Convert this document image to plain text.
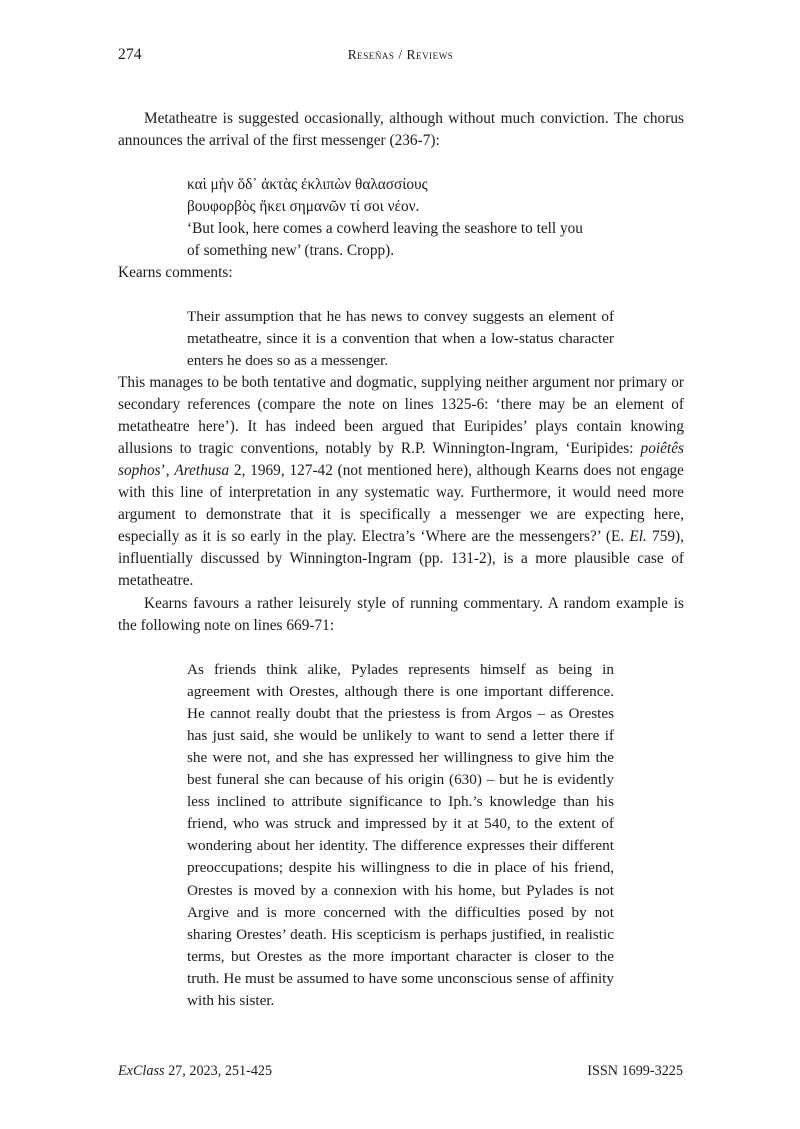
274	Reseñas / Reviews

Metatheatre is suggested occasionally, although without much conviction. The chorus announces the arrival of the first messenger (236-7):

καὶ μὴν ὅδ᾽ ἀκτὰς ἐκλιπὼν θαλασσίους
βουφορβὸς ἥκει σημανῶν τί σοι νέον.
‘But look, here comes a cowherd leaving the seashore to tell you
of something new’ (trans. Cropp).

Kearns comments:

Their assumption that he has news to convey suggests an element of metatheatre, since it is a convention that when a low-status character enters he does so as a messenger.

This manages to be both tentative and dogmatic, supplying neither argument nor primary or secondary references (compare the note on lines 1325-6: ‘there may be an element of metatheatre here’). It has indeed been argued that Euripides’ plays contain knowing allusions to tragic conventions, notably by R.P. Winnington-Ingram, ‘Euripides: poiêtês sophos’, Arethusa 2, 1969, 127-42 (not mentioned here), although Kearns does not engage with this line of interpretation in any systematic way. Furthermore, it would need more argument to demonstrate that it is specifically a messenger we are expecting here, especially as it is so early in the play. Electra’s ‘Where are the messengers?’ (E. El. 759), influentially discussed by Winnington-Ingram (pp. 131-2), is a more plausible case of metatheatre.

Kearns favours a rather leisurely style of running commentary. A random example is the following note on lines 669-71:

As friends think alike, Pylades represents himself as being in agreement with Orestes, although there is one important difference. He cannot really doubt that the priestess is from Argos – as Orestes has just said, she would be unlikely to want to send a letter there if she were not, and she has expressed her willingness to give him the best funeral she can because of his origin (630) – but he is evidently less inclined to attribute significance to Iph.’s knowledge than his friend, who was struck and impressed by it at 540, to the extent of wondering about her identity. The difference expresses their different preoccupations; despite his willingness to die in place of his friend, Orestes is moved by a connexion with his home, but Pylades is not Argive and is more concerned with the difficulties posed by not sharing Orestes’ death. His scepticism is perhaps justified, in realistic terms, but Orestes as the more important character is closer to the truth. He must be assumed to have some unconscious sense of affinity with his sister.

ExClass 27, 2023, 251-425	ISSN 1699-3225
